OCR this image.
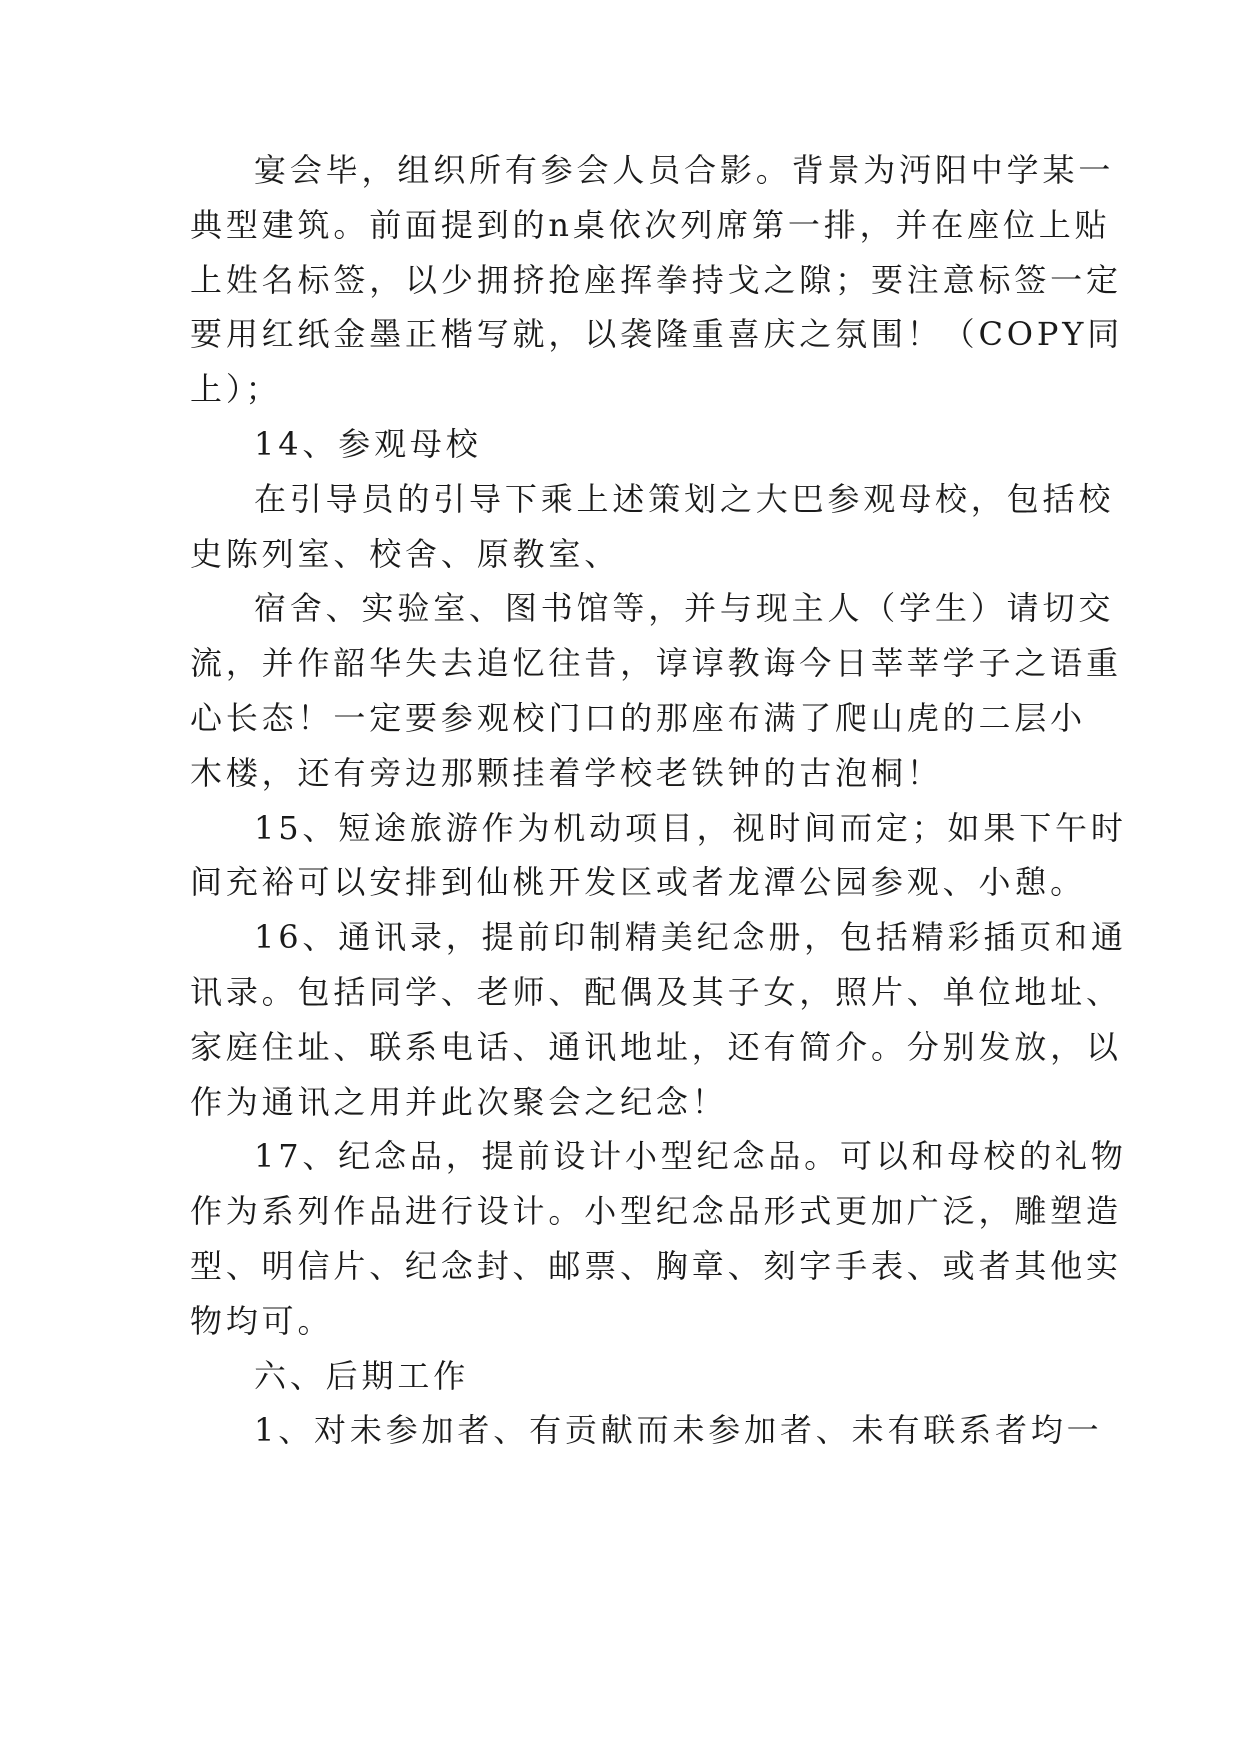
宴会毕，组织所有参会人员合影。背景为沔阳中学某一
典型建筑。前面提到的n桌依次列席第一排，并在座位上贴
上姓名标签，以少拥挤抢座挥拳持戈之隙；要注意标签一定
要用红纸金墨正楷写就，以袭隆重喜庆之氛围！（COPY同
上）；
14、参观母校
在引导员的引导下乘上述策划之大巴参观母校，包括校
史陈列室、校舍、原教室、
宿舍、实验室、图书馆等，并与现主人（学生）请切交
流，并作韶华失去追忆往昔，谆谆教诲今日莘莘学子之语重
心长态！一定要参观校门口的那座布满了爬山虎的二层小
木楼，还有旁边那颗挂着学校老铁钟的古泡桐！
15、短途旅游作为机动项目，视时间而定；如果下午时
间充裕可以安排到仙桃开发区或者龙潭公园参观、小憩。
16、通讯录，提前印制精美纪念册，包括精彩插页和通
讯录。包括同学、老师、配偶及其子女，照片、单位地址、
家庭住址、联系电话、通讯地址，还有简介。分别发放，以
作为通讯之用并此次聚会之纪念！
17、纪念品，提前设计小型纪念品。可以和母校的礼物
作为系列作品进行设计。小型纪念品形式更加广泛，雕塑造
型、明信片、纪念封、邮票、胸章、刻字手表、或者其他实
物均可。
六、后期工作
1、对未参加者、有贡献而未参加者、未有联系者均一
